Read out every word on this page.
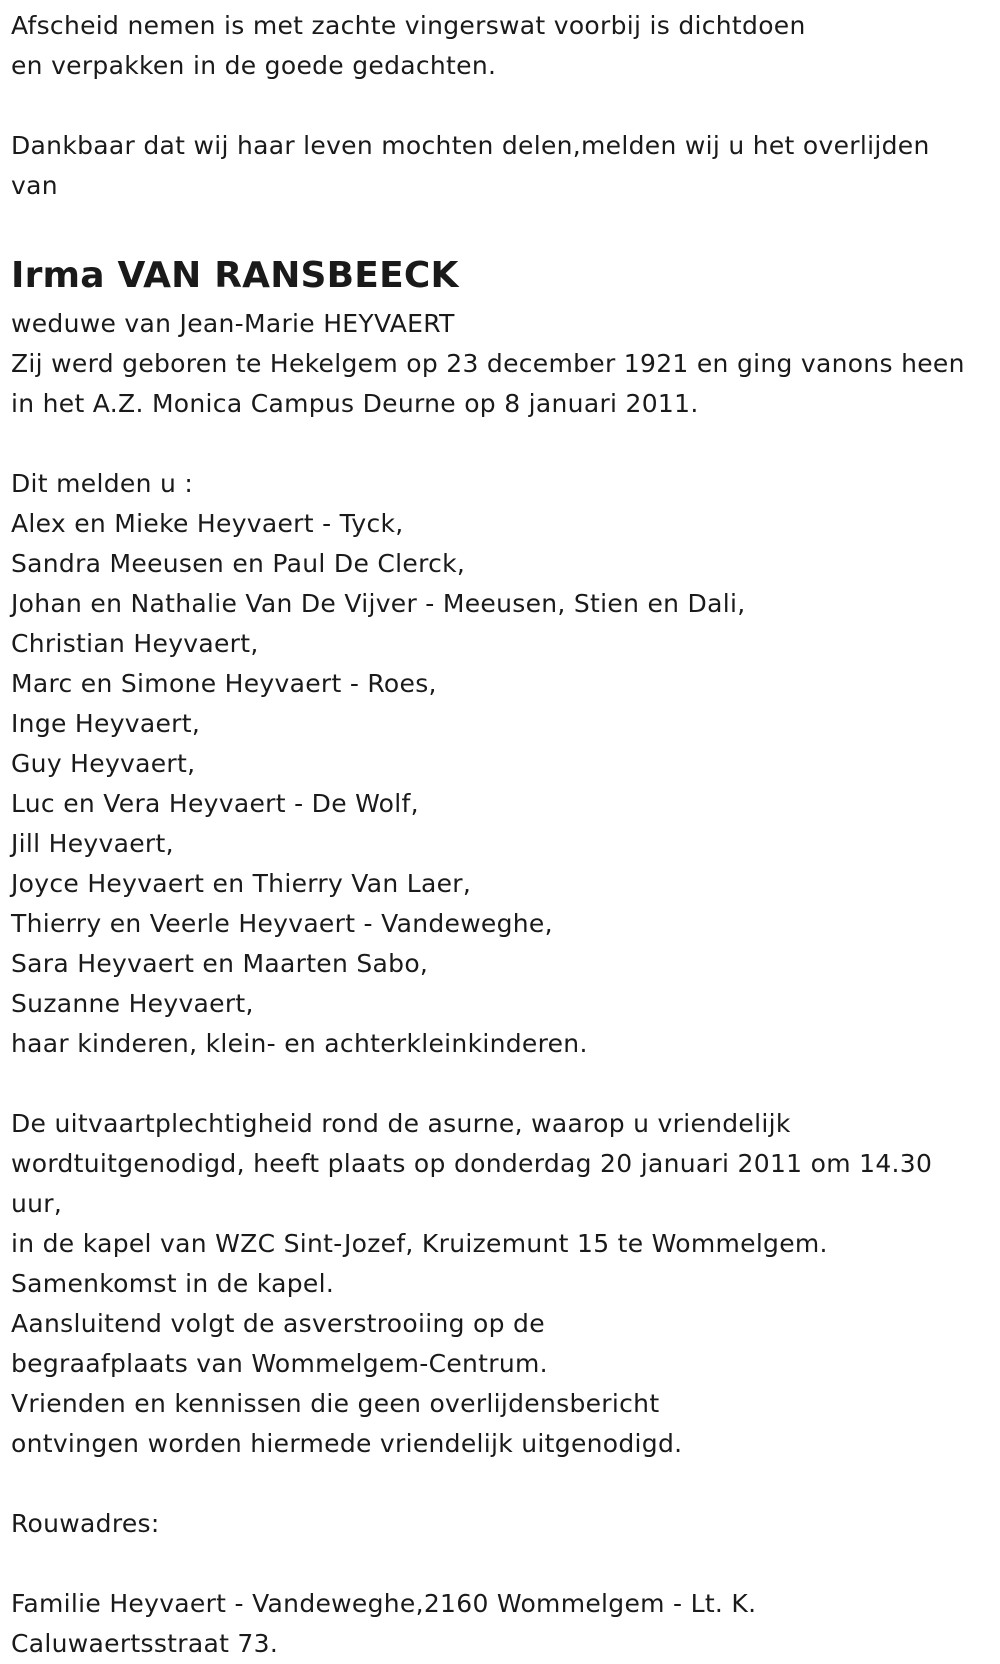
Afscheid nemen is met zachte vingerswat voorbij is dichtdoen
en verpakken in de goede gedachten.
Dankbaar dat wij haar leven mochten delen,melden wij u het overlijden
van
Irma VAN RANSBEECK
weduwe van Jean-Marie HEYVAERT
Zij werd geboren te Hekelgem op 23 december 1921 en ging vanons heen
in het A.Z. Monica Campus Deurne op 8 januari 2011.
Dit melden u :
Alex en Mieke Heyvaert - Tyck,
Sandra Meeusen en Paul De Clerck,
Johan en Nathalie Van De Vijver - Meeusen, Stien en Dali,
Christian Heyvaert,
Marc en Simone Heyvaert - Roes,
Inge Heyvaert,
Guy Heyvaert,
Luc en Vera Heyvaert - De Wolf,
Jill Heyvaert,
Joyce Heyvaert en Thierry Van Laer,
Thierry en Veerle Heyvaert - Vandeweghe,
Sara Heyvaert en Maarten Sabo,
Suzanne Heyvaert,
haar kinderen, klein- en achterkleinkinderen.
De uitvaartplechtigheid rond de asurne, waarop u vriendelijk
wordtuitgenodigd, heeft plaats op donderdag 20 januari 2011 om 14.30
uur,
in de kapel van WZC Sint-Jozef, Kruizemunt 15 te Wommelgem.
Samenkomst in de kapel.
Aansluitend volgt de asverstrooiing op de
begraafplaats van Wommelgem-Centrum.
Vrienden en kennissen die geen overlijdensbericht
ontvingen worden hiermede vriendelijk uitgenodigd.
Rouwadres:
Familie Heyvaert - Vandeweghe,2160 Wommelgem - Lt. K.
Caluwaertsstraat 73.
